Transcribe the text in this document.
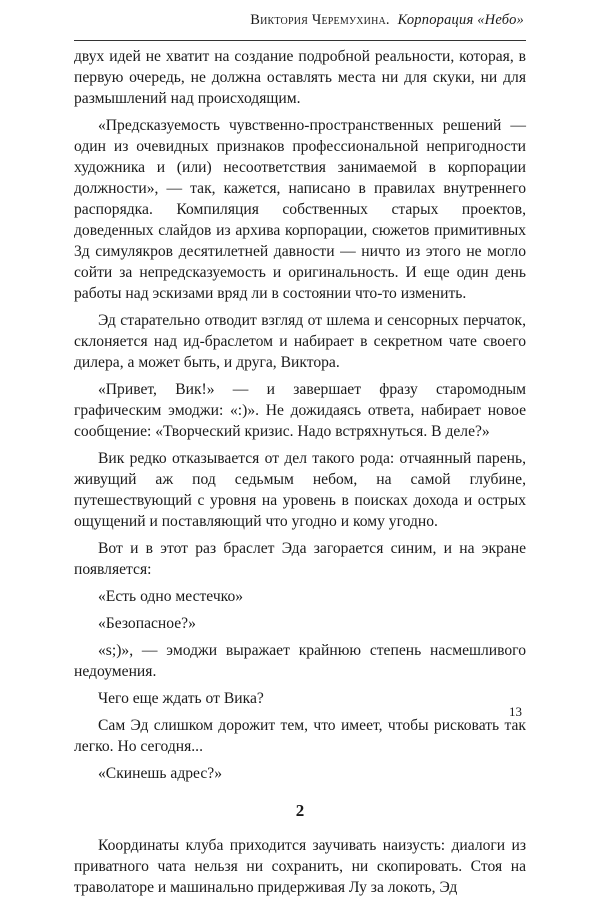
Виктория Черемухина. Корпорация «Небо»

двух идей не хватит на создание подробной реальности, которая, в первую очередь, не должна оставлять места ни для скуки, ни для размышлений над происходящим.

«Предсказуемость чувственно-пространственных решений — один из очевидных признаков профессиональной непригодности художника и (или) несоответствия занимаемой в корпорации должности», — так, кажется, написано в правилах внутреннего распорядка. Компиляция собственных старых проектов, доведенных слайдов из архива корпорации, сюжетов примитивных 3д симулякров десятилетней давности — ничто из этого не могло сойти за непредсказуемость и оригинальность. И еще один день работы над эскизами вряд ли в состоянии что-то изменить.

Эд старательно отводит взгляд от шлема и сенсорных перчаток, склоняется над ид-браслетом и набирает в секретном чате своего дилера, а может быть, и друга, Виктора.

«Привет, Вик!» — и завершает фразу старомодным графическим эмоджи: «:)». Не дожидаясь ответа, набирает новое сообщение: «Творческий кризис. Надо встряхнуться. В деле?»

Вик редко отказывается от дел такого рода: отчаянный парень, живущий аж под седьмым небом, на самой глубине, путешествующий с уровня на уровень в поисках дохода и острых ощущений и поставляющий что угодно и кому угодно.

Вот и в этот раз браслет Эда загорается синим, и на экране появляется:

«Есть одно местечко»

«Безопасное?»

«s;)», — эмоджи выражает крайнюю степень насмешливого недоумения.

Чего еще ждать от Вика?

Сам Эд слишком дорожит тем, что имеет, чтобы рисковать так легко. Но сегодня...

«Скинешь адрес?»

2

Координаты клуба приходится заучивать наизусть: диалоги из приватного чата нельзя ни сохранить, ни скопировать. Стоя на траволаторе и машинально придерживая Лу за локоть, Эд

13
